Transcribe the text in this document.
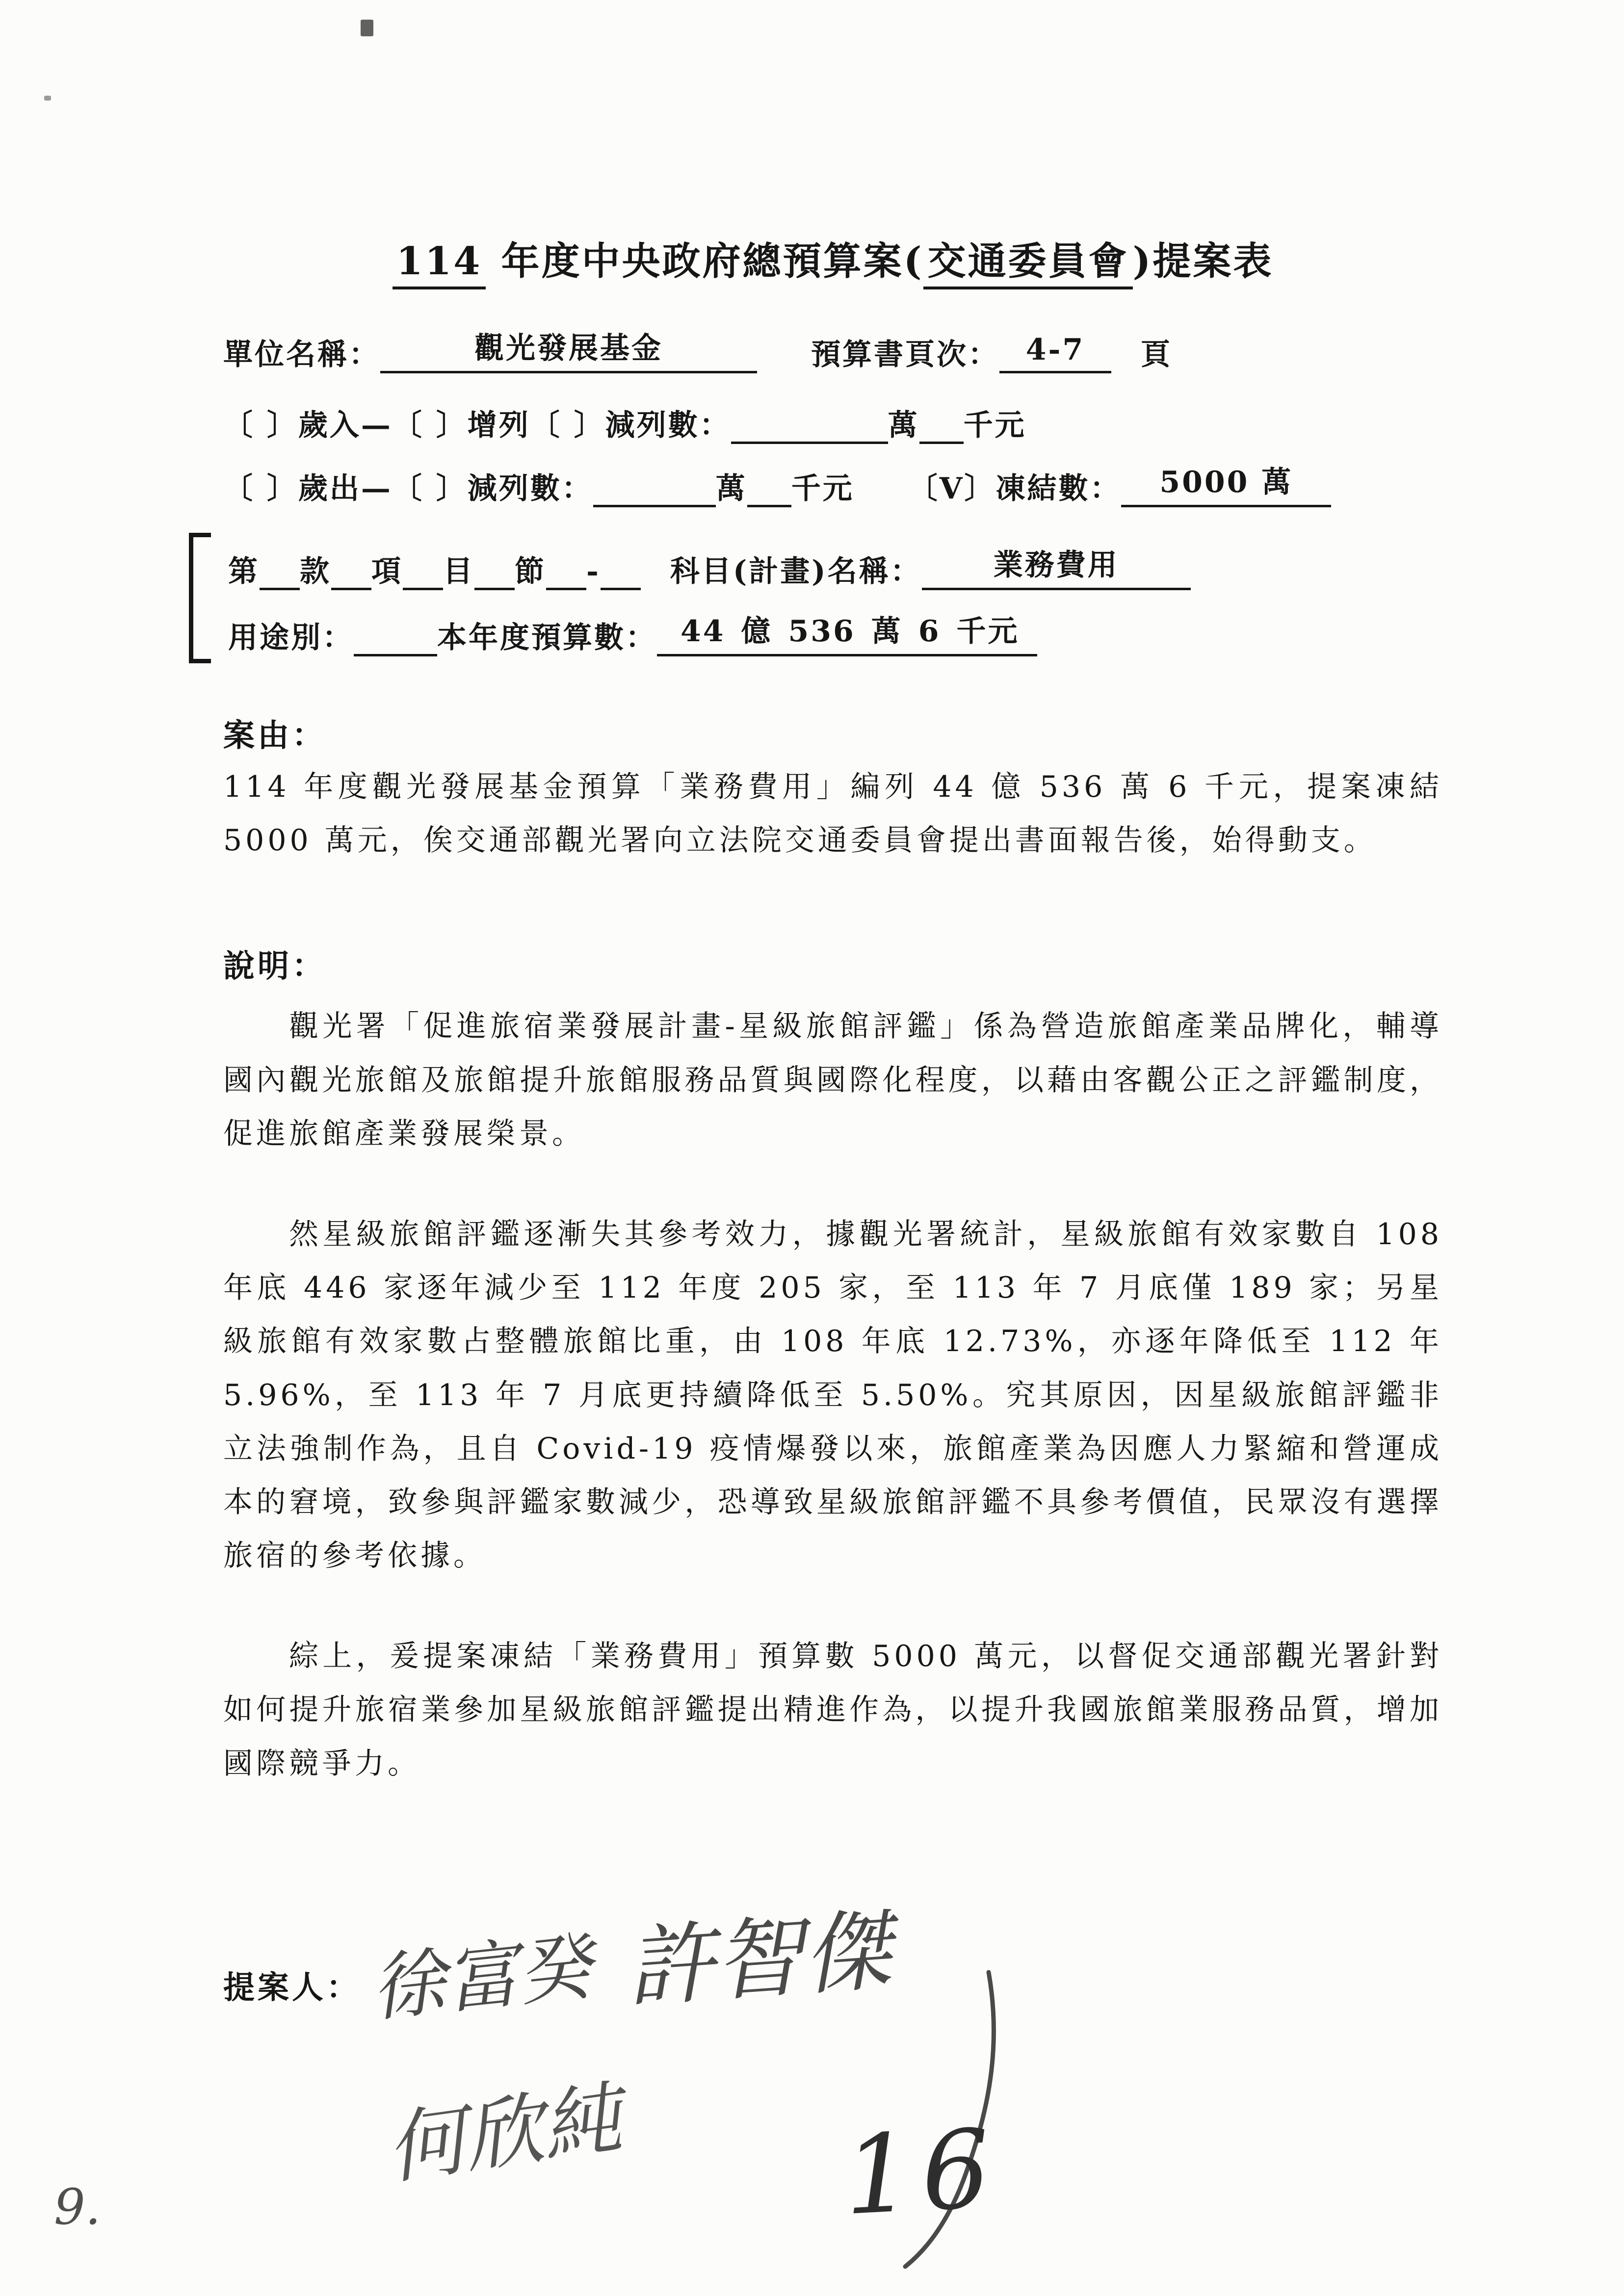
114 年度中央政府總預算案( 交通委員會 )提案表
單位名稱：	觀光發展基金	預算書頁次： 4-7 頁
〔 〕歲入—〔 〕增列〔 〕減列數：	萬 千元
〔 〕歲出—〔 〕減列數：	萬 千元 〔V〕凍結數： 5000 萬
第 款 項 目 節 - 科目(計畫)名稱： 業務費用
用途別：	本年度預算數： 44 億 536 萬 6 千元
案由：
114 年度觀光發展基金預算「業務費用」編列 44 億 536 萬 6 千元，提案凍結 5000 萬元，俟交通部觀光署向立法院交通委員會提出書面報告後，始得動支。
說明：

觀光署「促進旅宿業發展計畫-星級旅館評鑑」係為營造旅館產業品牌化，輔導國內觀光旅館及旅館提升旅館服務品質與國際化程度，以藉由客觀公正之評鑑制度，促進旅館產業發展榮景。

然星級旅館評鑑逐漸失其參考效力，據觀光署統計，星級旅館有效家數自 108 年底 446 家逐年減少至 112 年度 205 家，至 113 年 7 月底僅 189 家；另星級旅館有效家數占整體旅館比重，由 108 年底 12.73%，亦逐年降低至 112 年 5.96%，至 113 年 7 月底更持續降低至 5.50%。究其原因，因星級旅館評鑑非立法強制作為，且自 Covid-19 疫情爆發以來，旅館產業為因應人力緊縮和營運成本的窘境，致參與評鑑家數減少，恐導致星級旅館評鑑不具參考價值，民眾沒有選擇旅宿的參考依據。

綜上，爰提案凍結「業務費用」預算數 5000 萬元，以督促交通部觀光署針對如何提升旅宿業參加星級旅館評鑑提出精進作為，以提升我國旅館業服務品質，增加國際競爭力。

提案人： 徐富癸 許智傑
何欣純 16
9.
